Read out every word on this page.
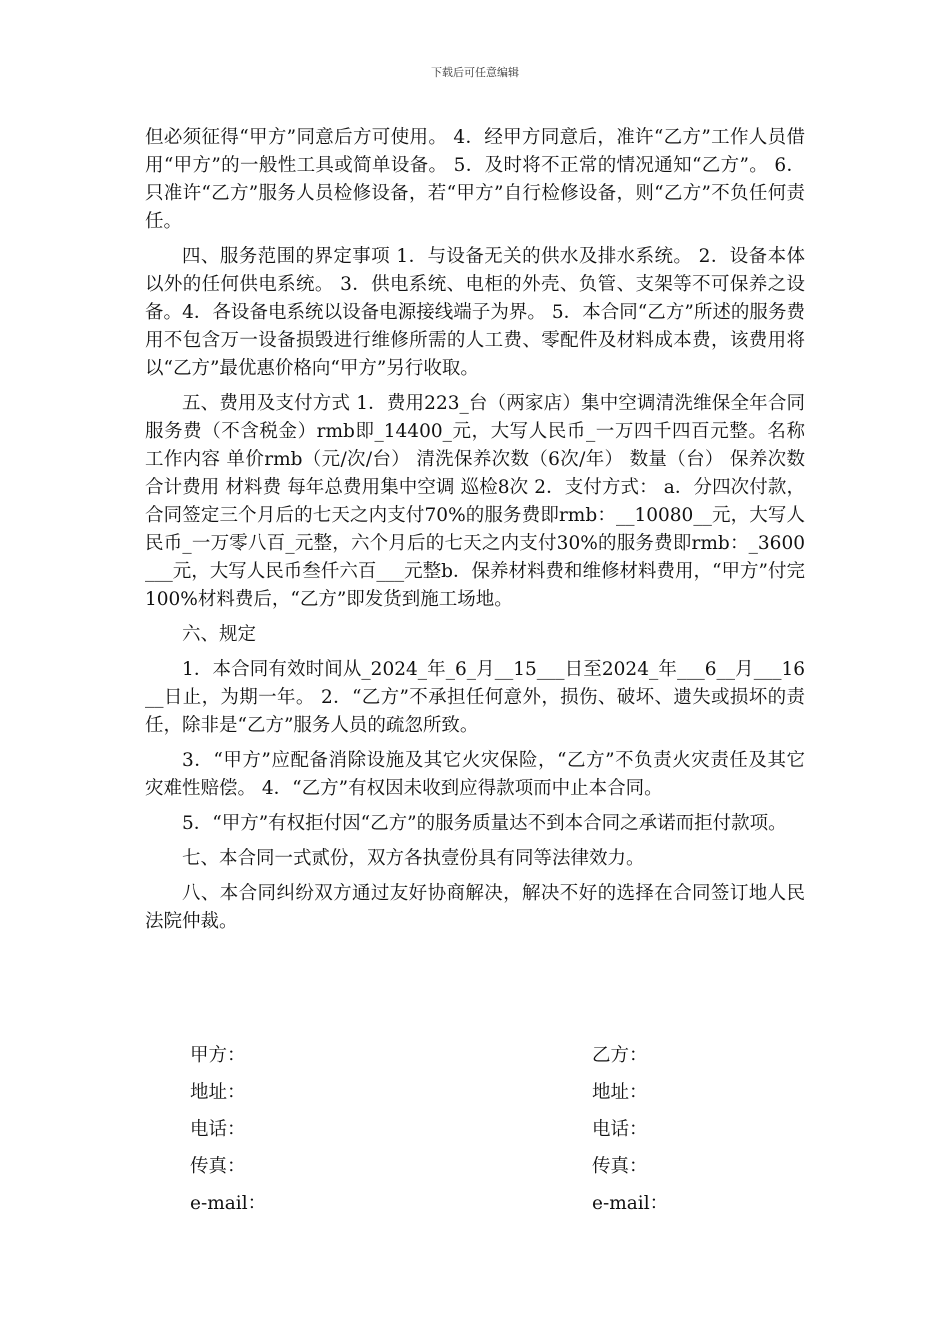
下载后可任意编辑

但必须征得“甲方”同意后方可使用。 4．经甲方同意后，准许“乙方”工作人员借用“甲方”的一般性工具或简单设备。 5．及时将不正常的情况通知“乙方”。 6．只准许“乙方”服务人员检修设备，若“甲方”自行检修设备，则“乙方”不负任何责任。

四、服务范围的界定事项 1．与设备无关的供水及排水系统。 2．设备本体以外的任何供电系统。 3．供电系统、电柜的外壳、负管、支架等不可保养之设备。4．各设备电系统以设备电源接线端子为界。 5．本合同“乙方”所述的服务费用不包含万一设备损毁进行维修所需的人工费、零配件及材料成本费，该费用将以“乙方”最优惠价格向“甲方”另行收取。

五、费用及支付方式 1．费用223_台（两家店）集中空调清洗维保全年合同服务费（不含税金）rmb即_14400_元，大写人民币_一万四千四百元整。名称 工作内容 单价rmb（元/次/台） 清洗保养次数（6次/年） 数量（台） 保养次数合计费用 材料费 每年总费用集中空调 巡检8次 2．支付方式： a．分四次付款，合同签定三个月后的七天之内支付70%的服务费即rmb：__10080__元，大写人民币_一万零八百_元整，六个月后的七天之内支付30%的服务费即rmb：_3600___元，大写人民币叁仟六百___元整b．保养材料费和维修材料费用，“甲方”付完100%材料费后，“乙方”即发货到施工场地。

六、规定

1．本合同有效时间从_2024_年_6_月__15___日至2024_年___6__月___16__日止，为期一年。 2．“乙方”不承担任何意外，损伤、破坏、遗失或损坏的责任，除非是“乙方”服务人员的疏忽所致。

3．“甲方”应配备消除设施及其它火灾保险，“乙方”不负责火灾责任及其它灾难性赔偿。 4．“乙方”有权因未收到应得款项而中止本合同。

5．“甲方”有权拒付因“乙方”的服务质量达不到本合同之承诺而拒付款项。

七、本合同一式贰份，双方各执壹份具有同等法律效力。

八、本合同纠纷双方通过友好协商解决，解决不好的选择在合同签订地人民法院仲裁。

甲方：	乙方：
地址：	地址：
电话：	电话：
传真：	传真：
e-mail：	e-mail：
